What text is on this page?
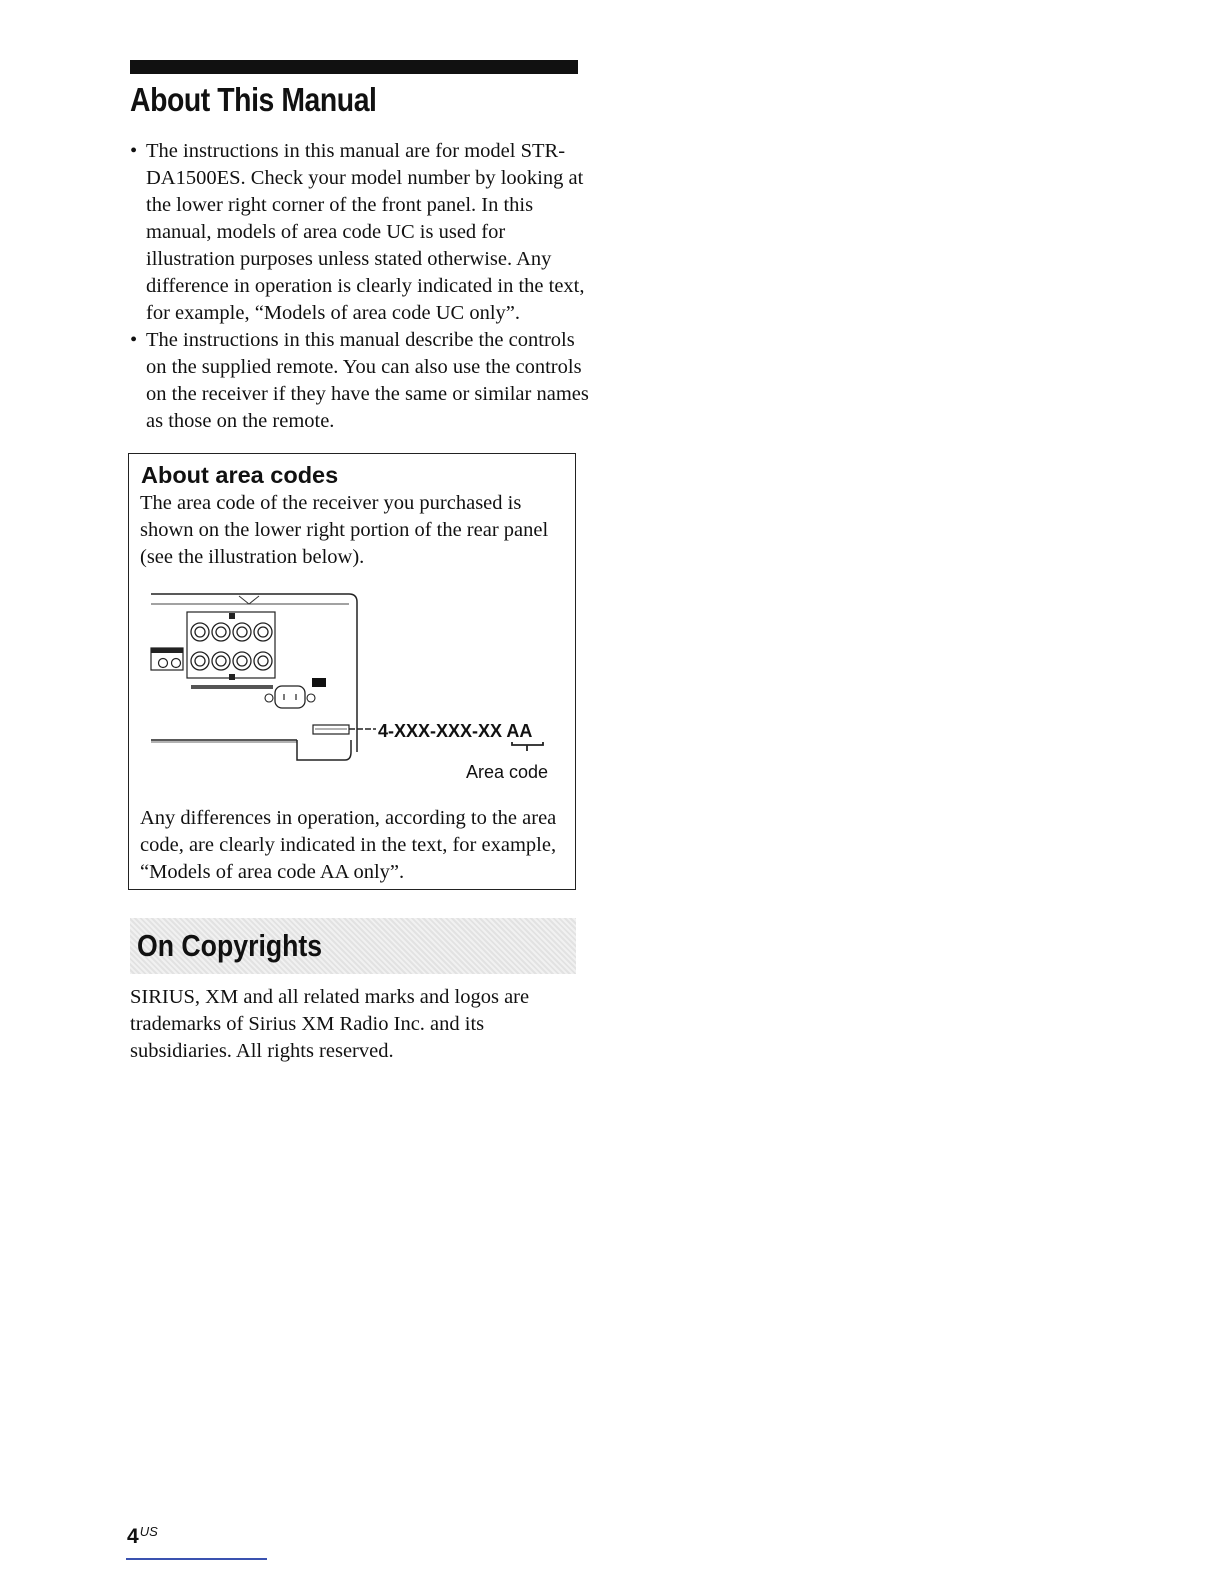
About This Manual
• The instructions in this manual are for model STR-DA1500ES. Check your model number by looking at the lower right corner of the front panel. In this manual, models of area code UC is used for illustration purposes unless stated otherwise. Any difference in operation is clearly indicated in the text, for example, “Models of area code UC only”.
• The instructions in this manual describe the controls on the supplied remote. You can also use the controls on the receiver if they have the same or similar names as those on the remote.
About area codes

The area code of the receiver you purchased is shown on the lower right portion of the rear panel (see the illustration below).

4-XXX-XXX-XX AA
Area code

Any differences in operation, according to the area code, are clearly indicated in the text, for example, “Models of area code AA only”.

On Copyrights

SIRIUS, XM and all related marks and logos are trademarks of Sirius XM Radio Inc. and its subsidiaries. All rights reserved.

$4^{US}$
